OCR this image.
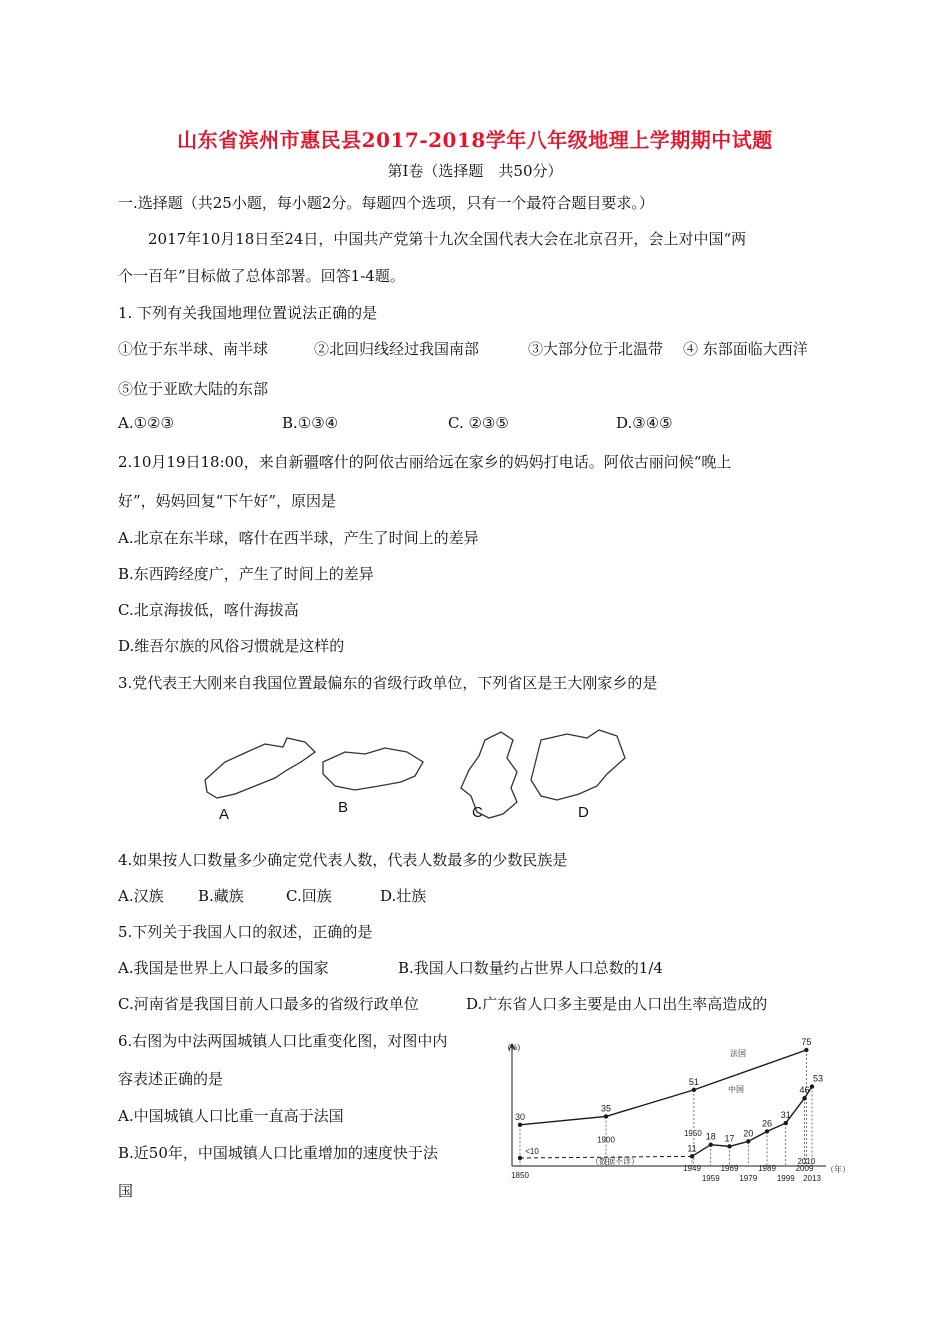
山东省滨州市惠民县2017-2018学年八年级地理上学期期中试题
第Ⅰ卷（选择题　共50分）
一.选择题（共25小题，每小题2分。每题四个选项，只有一个最符合题目要求。）
2017年10月18日至24日，中国共产党第十九次全国代表大会在北京召开，会上对中国“两
个一百年”目标做了总体部署。回答1-4题。
1. 下列有关我国地理位置说法正确的是
①位于东半球、南半球	②北回归线经过我国南部	③大部分位于北温带 ④ 东部面临大西洋
⑤位于亚欧大陆的东部
A.①②③	B.①③④	C. ②③⑤	D.③④⑤
2.10月19日18:00，来自新疆喀什的阿依古丽给远在家乡的妈妈打电话。阿依古丽问候“晚上
好”，妈妈回复“下午好”，原因是
A.北京在东半球，喀什在西半球，产生了时间上的差异
B.东西跨经度广，产生了时间上的差异
C.北京海拔低，喀什海拔高
D.维吾尔族的风俗习惯就是这样的
3.党代表王大刚来自我国位置最偏东的省级行政单位，下列省区是王大刚家乡的是
A	B	C	D
4.如果按人口数量多少确定党代表人数，代表人数最多的少数民族是
A.汉族 B.藏族	C.回族	D.壮族
5.下列关于我国人口的叙述，正确的是
A.我国是世界上人口最多的国家	B.我国人口数量约占世界人口总数的1/4
C.河南省是我国目前人口最多的省级行政单位	D.广东省人口多主要是由人口出生率高造成的
6.右图为中法两国城镇人口比重变化图，对图中内
容表述正确的是
A.中国城镇人口比重一直高于法国
B.近50年，中国城镇人口比重增加的速度快于法
国
(%)
（年）
30
35
51
75
1900
1950
2010
1850
法国
<10	11
1949
18
1959
17
1969
20
1979
26
1989
31
1999
46
2009
53
2013
中国
（数据不详）
